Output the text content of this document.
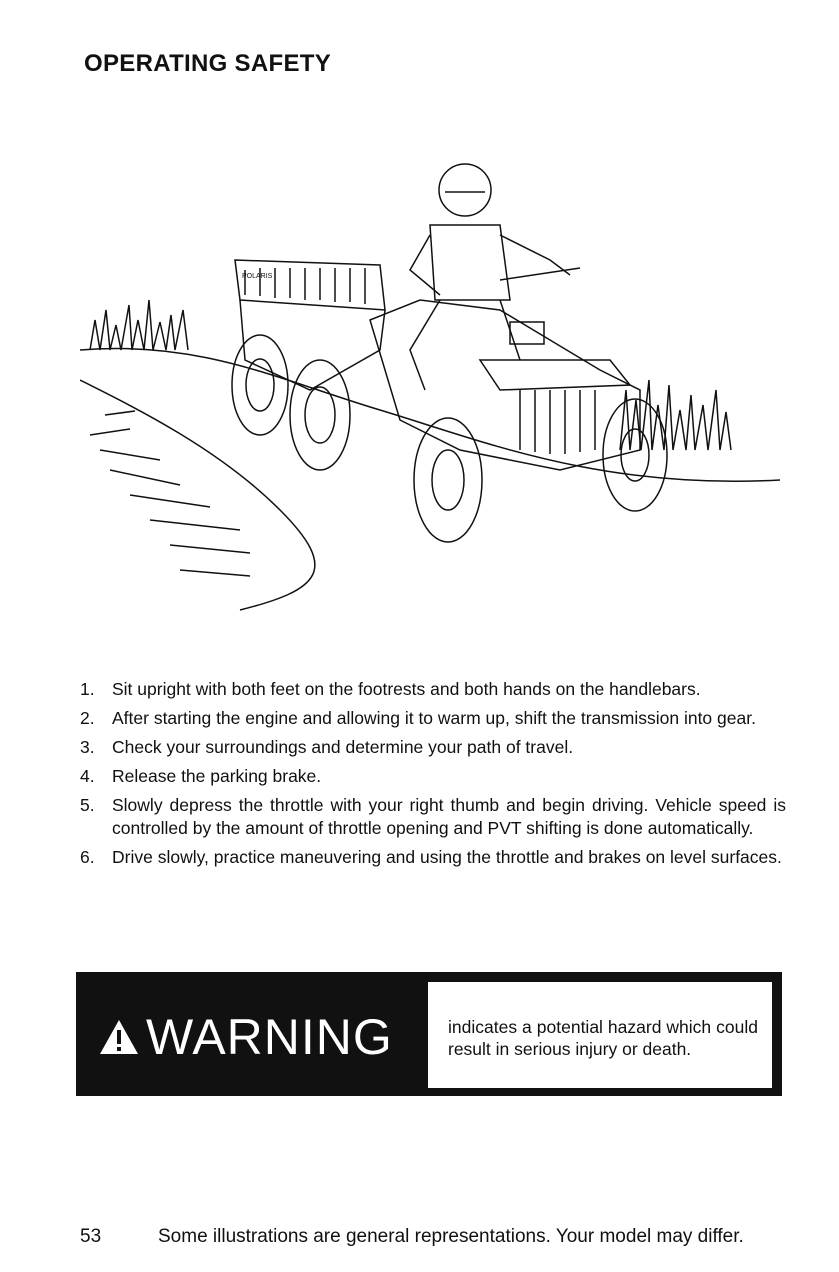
OPERATING SAFETY
POLARIS
1. Sit upright with both feet on the footrests and both hands on the handlebars.
2. After starting the engine and allowing it to warm up, shift the transmission into gear.
3. Check your surroundings and determine your path of travel.
4. Release the parking brake.
5. Slowly depress the throttle with your right thumb and begin driving. Vehicle speed is controlled by the amount of throttle opening and PVT shifting is done automatically.
6. Drive slowly, practice maneuvering and using the throttle and brakes on level surfaces.
WARNING	indicates a potential hazard which could result in serious injury or death.
53	Some illustrations are general representations. Your model may differ.
